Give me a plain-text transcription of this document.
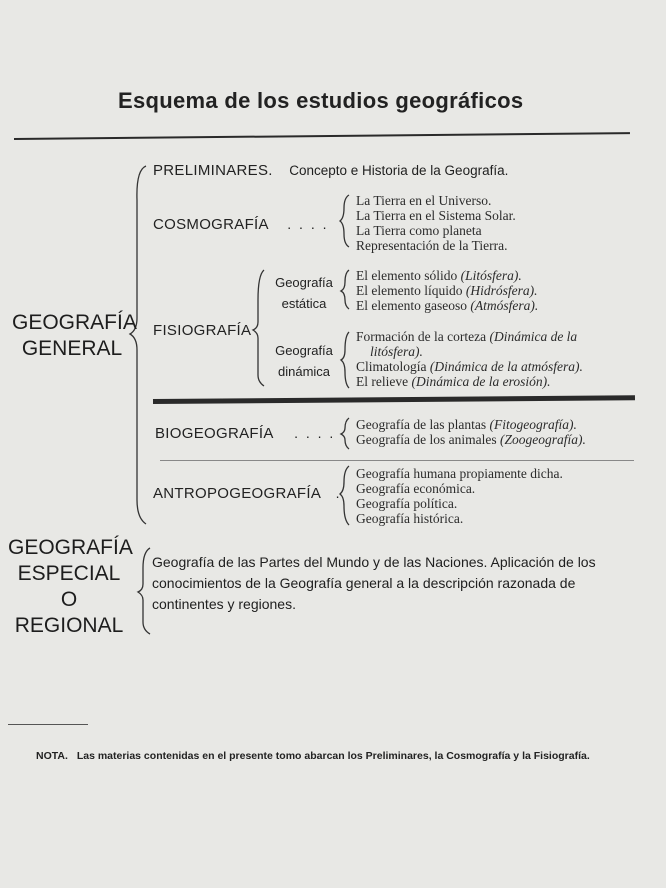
Esquema de los estudios geográficos
GEOGRAFÍA
GENERAL
PRELIMINARES. Concepto e Historia de la Geografía.
COSMOGRAFÍA . . . .
La Tierra en el Universo.
La Tierra en el Sistema Solar.
La Tierra como planeta
Representación de la Tierra.
FISIOGRAFÍA
Geografía
estática
El elemento sólido (Litósfera).
El elemento líquido (Hidrósfera).
El elemento gaseoso (Atmósfera).
Geografía
dinámica
Formación de la corteza (Dinámica de la
litósfera).
Climatología (Dinámica de la atmósfera).
El relieve (Dinámica de la erosión).
BIOGEOGRAFÍA . . . .
Geografía de las plantas (Fitogeografía).
Geografía de los animales (Zoogeografía).
ANTROPOGEOGRAFÍA .
Geografía humana propiamente dicha.
Geografía económica.
Geografía política.
Geografía histórica.
GEOGRAFÍA
ESPECIAL
O
REGIONAL
Geografía de las Partes del Mundo y de las Naciones. Aplicación de los conocimientos de la Geografía general a la descripción razonada de continentes y regiones.
NOTA. Las materias contenidas en el presente tomo abarcan los Preliminares, la Cosmografía y la Fisiografía.
